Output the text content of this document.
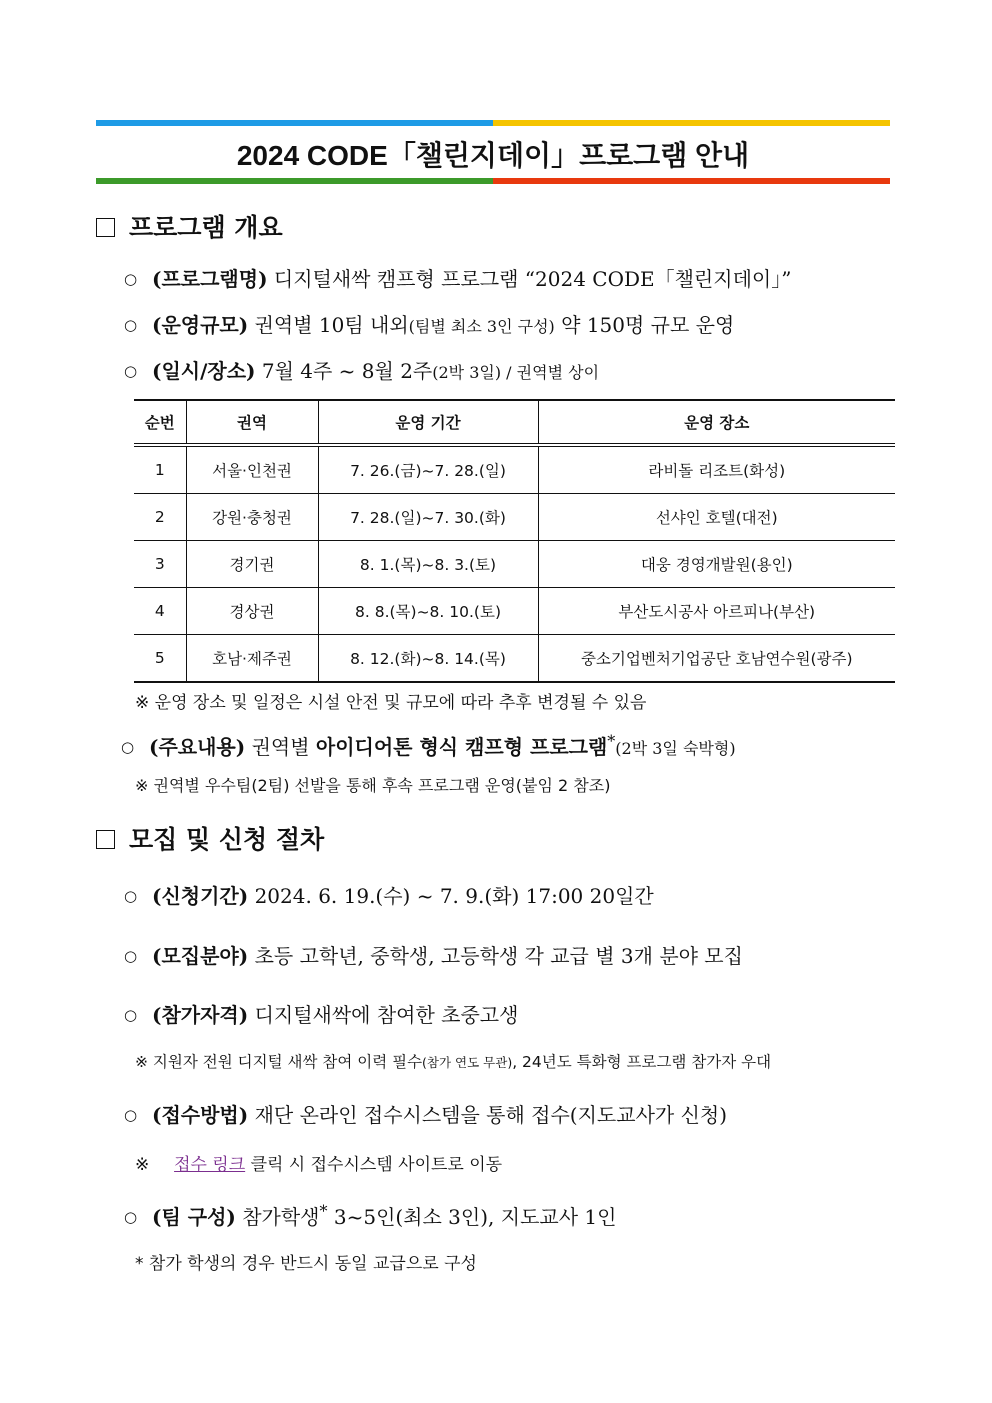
2024 CODE「챌린지데이」프로그램 안내
프로그램 개요
○ (프로그램명) 디지털새싹 캠프형 프로그램 “2024 CODE「챌린지데이」”
○ (운영규모) 권역별 10팀 내외(팀별 최소 3인 구성) 약 150명 규모 운영
○ (일시/장소) 7월 4주 ~ 8월 2주(2박 3일) / 권역별 상이
순번	권역	운영 기간	운영 장소
1	서울·인천권	7. 26.(금)~7. 28.(일)	라비돌 리조트(화성)
2	강원·충청권	7. 28.(일)~7. 30.(화)	선샤인 호텔(대전)
3	경기권	8. 1.(목)~8. 3.(토)	대웅 경영개발원(용인)
4	경상권	8. 8.(목)~8. 10.(토)	부산도시공사 아르피나(부산)
5	호남·제주권	8. 12.(화)~8. 14.(목)	중소기업벤처기업공단 호남연수원(광주)
※ 운영 장소 및 일정은 시설 안전 및 규모에 따라 추후 변경될 수 있음
○ (주요내용) 권역별 아이디어톤 형식 캠프형 프로그램*(2박 3일 숙박형)
※ 권역별 우수팀(2팀) 선발을 통해 후속 프로그램 운영(붙임 2 참조)
모집 및 신청 절차
○ (신청기간) 2024. 6. 19.(수) ~ 7. 9.(화) 17:00 20일간
○ (모집분야) 초등 고학년, 중학생, 고등학생 각 교급 별 3개 분야 모집
○ (참가자격) 디지털새싹에 참여한 초중고생
※ 지원자 전원 디지털 새싹 참여 이력 필수(참가 연도 무관), 24년도 특화형 프로그램 참가자 우대
○ (접수방법) 재단 온라인 접수시스템을 통해 접수(지도교사가 신청)
※ 접수 링크 클릭 시 접수시스템 사이트로 이동
○ (팀 구성) 참가학생* 3~5인(최소 3인), 지도교사 1인
* 참가 학생의 경우 반드시 동일 교급으로 구성
